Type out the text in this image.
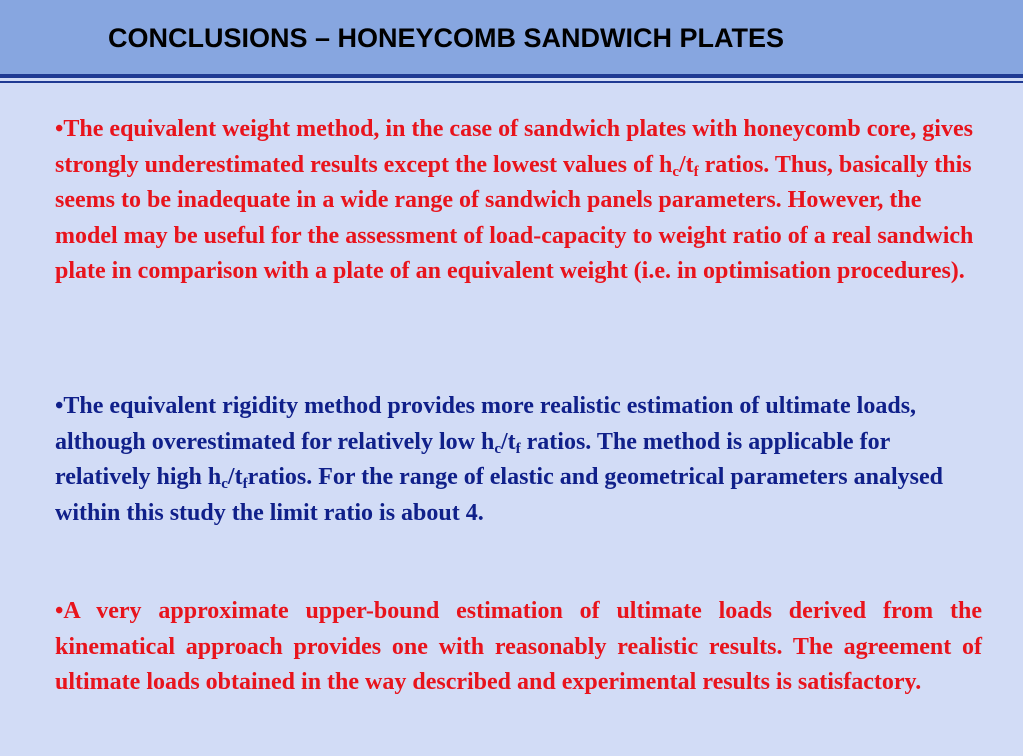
CONCLUSIONS – HONEYCOMB SANDWICH PLATES

•The equivalent weight method, in the case of sandwich plates with honeycomb core, gives strongly underestimated results except the lowest values of $h_c/t_f$ ratios. Thus, basically this seems to be inadequate in a wide range of sandwich panels parameters. However, the model may be useful for the assessment of load-capacity to weight ratio of a real sandwich plate in comparison with a plate of an equivalent weight (i.e. in optimisation procedures).

•The equivalent rigidity method provides more realistic estimation of ultimate loads, although overestimated for relatively low $h_c/t_f$ ratios. The method is applicable for relatively high $h_c/t_fratios$. For the range of elastic and geometrical parameters analysed within this study the limit ratio is about 4.

•A very approximate upper-bound estimation of ultimate loads derived from the kinematical approach provides one with reasonably realistic results. The agreement of ultimate loads obtained in the way described and experimental results is satisfactory.
